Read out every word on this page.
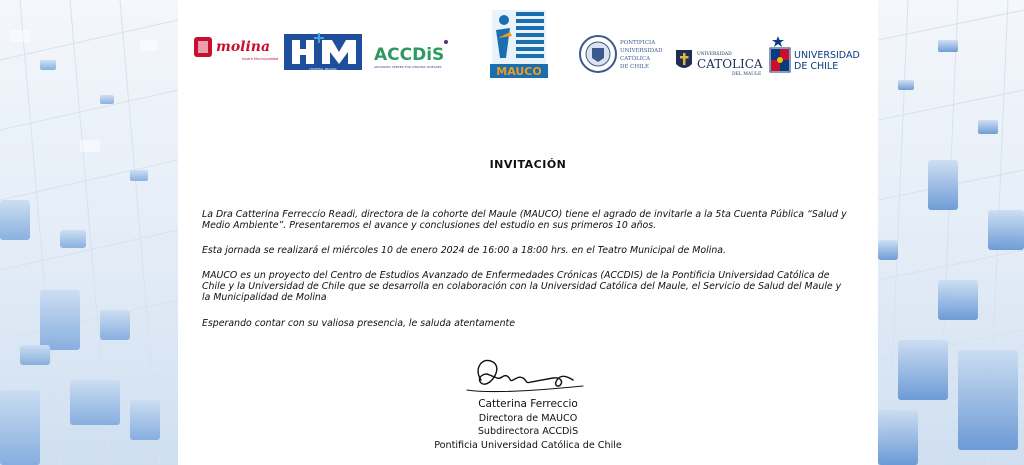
molina
Ilustre Municipalidad
HOSPITAL MOLINA
ACCDiS
ADVANCED CENTER FOR CHRONIC DISEASES	MAUCO
PONTIFICIA
UNIVERSIDAD
CATÓLICA
DE CHILE
UNIVERSIDAD
CATOLICA
DEL MAULE
UNIVERSIDAD
DE CHILE
INVITACIÓN

La Dra Catterina Ferreccio Readi, directora de la cohorte del Maule (MAUCO) tiene el agrado de invitarle a la 5ta Cuenta Pública “Salud y Medio Ambiente”. Presentaremos el avance y conclusiones del estudio en sus primeros 10 años.

Esta jornada se realizará el miércoles 10 de enero 2024 de 16:00 a 18:00 hrs. en el Teatro Municipal de Molina.

MAUCO es un proyecto del Centro de Estudios Avanzado de Enfermedades Crónicas (ACCDIS) de la Pontificia Universidad Católica de Chile y la Universidad de Chile que se desarrolla en colaboración con la Universidad Católica del Maule, el Servicio de Salud del Maule y la Municipalidad de Molina

Esperando contar con su valiosa presencia, le saluda atentamente

Catterina Ferreccio
Directora de MAUCO
Subdirectora ACCDiS
Pontificia Universidad Católica de Chile
